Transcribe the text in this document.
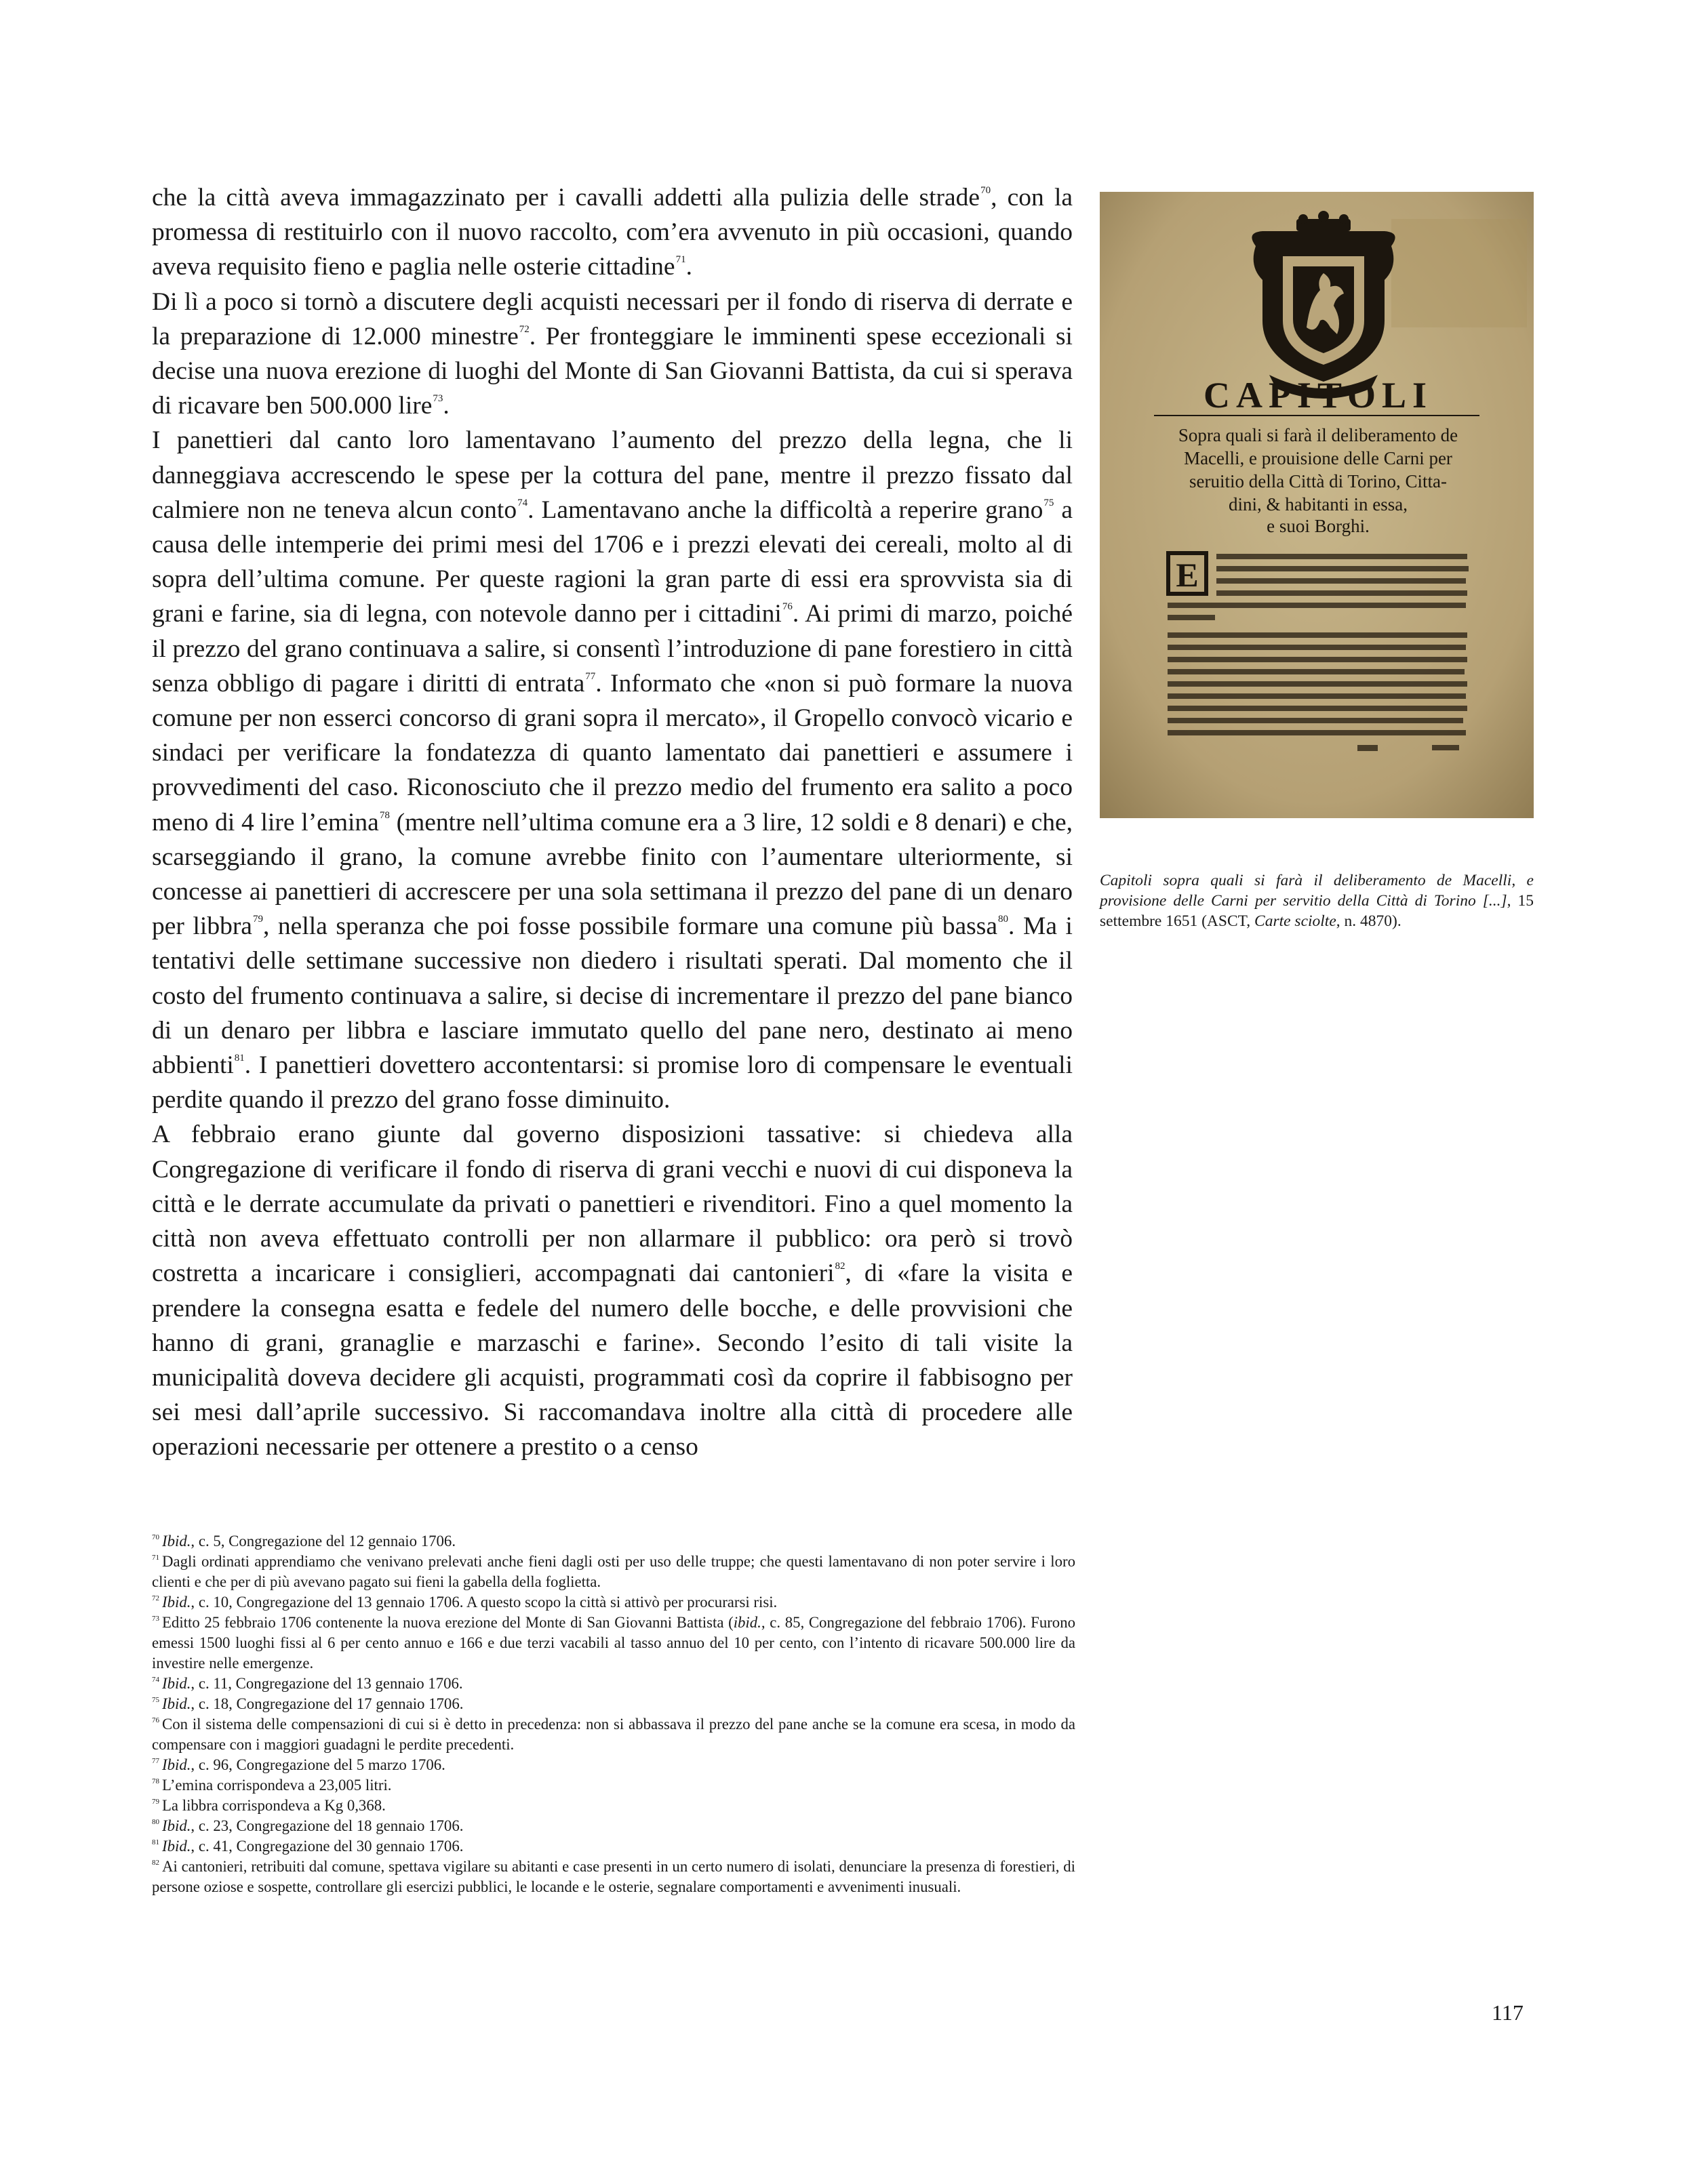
che la città aveva immagazzinato per i cavalli addetti alla pulizia delle strade$^{70}$, con la promessa di restituirlo con il nuovo raccolto, com’era avvenuto in più occasioni, quando aveva requisito fieno e paglia nelle osterie cittadine$^{71}$.

Di lì a poco si tornò a discutere degli acquisti necessari per il fondo di riserva di derrate e la preparazione di 12.000 minestre$^{72}$. Per fronteggiare le imminenti spese eccezionali si decise una nuova erezione di luoghi del Monte di San Giovanni Battista, da cui si sperava di ricavare ben 500.000 lire$^{73}$.

I panettieri dal canto loro lamentavano l’aumento del prezzo della legna, che li danneggiava accrescendo le spese per la cottura del pane, mentre il prezzo fissato dal calmiere non ne teneva alcun conto$^{74}$. Lamentavano anche la difficoltà a reperire grano$^{75}$ a causa delle intemperie dei primi mesi del 1706 e i prezzi elevati dei cereali, molto al di sopra dell’ultima comune. Per queste ragioni la gran parte di essi era sprovvista sia di grani e farine, sia di legna, con notevole danno per i cittadini$^{76}$. Ai primi di marzo, poiché il prezzo del grano continuava a salire, si consentì l’introduzione di pane forestiero in città senza obbligo di pagare i diritti di entrata$^{77}$. Informato che «non si può formare la nuova comune per non esserci concorso di grani sopra il mercato», il Gropello convocò vicario e sindaci per verificare la fondatezza di quanto lamentato dai panettieri e assumere i provvedimenti del caso. Riconosciuto che il prezzo medio del frumento era salito a poco meno di 4 lire l’emina$^{78}$ (mentre nell’ultima comune era a 3 lire, 12 soldi e 8 denari) e che, scarseggiando il grano, la comune avrebbe finito con l’aumentare ulteriormente, si concesse ai panettieri di accrescere per una sola settimana il prezzo del pane di un denaro per libbra$^{79}$, nella speranza che poi fosse possibile formare una comune più bassa$^{80}$. Ma i tentativi delle settimane successive non diedero i risultati sperati. Dal momento che il costo del frumento continuava a salire, si decise di incrementare il prezzo del pane bianco di un denaro per libbra e lasciare immutato quello del pane nero, destinato ai meno abbienti$^{81}$. I panettieri dovettero accontentarsi: si promise loro di compensare le eventuali perdite quando il prezzo del grano fosse diminuito.

A febbraio erano giunte dal governo disposizioni tassative: si chiedeva alla Congregazione di verificare il fondo di riserva di grani vecchi e nuovi di cui disponeva la città e le derrate accumulate da privati o panettieri e rivenditori. Fino a quel momento la città non aveva effettuato controlli per non allarmare il pubblico: ora però si trovò costretta a incaricare i consiglieri, accompagnati dai cantonieri$^{82}$, di «fare la visita e prendere la consegna esatta e fedele del numero delle bocche, e delle provvisioni che hanno di grani, granaglie e marzaschi e farine». Secondo l’esito di tali visite la municipalità doveva decidere gli acquisti, programmati così da coprire il fabbisogno per sei mesi dall’aprile successivo. Si raccomandava inoltre alla città di procedere alle operazioni necessarie per ottenere a prestito o a censo

CAPITOLI
Sopra quali si farà il deliberamento de
Macelli, e prouisione delle Carni per
seruitio della Città di Torino, Citta-
dini, & habitanti in essa,
e suoi Borghi.
E
Capitoli sopra quali si farà il deliberamento de Macelli, e provisione delle Carni per servitio della Città di Torino [...], 15 settembre 1651 (ASCT, Carte sciolte, n. 4870).

$^{70}$ Ibid., c. 5, Congregazione del 12 gennaio 1706.

$^{71}$ Dagli ordinati apprendiamo che venivano prelevati anche fieni dagli osti per uso delle truppe; che questi lamentavano di non poter servire i loro clienti e che per di più avevano pagato sui fieni la gabella della foglietta.

$^{72}$ Ibid., c. 10, Congregazione del 13 gennaio 1706. A questo scopo la città si attivò per procurarsi risi.

$^{73}$ Editto 25 febbraio 1706 contenente la nuova erezione del Monte di San Giovanni Battista (ibid., c. 85, Congregazione del febbraio 1706). Furono emessi 1500 luoghi fissi al 6 per cento annuo e 166 e due terzi vacabili al tasso annuo del 10 per cento, con l’intento di ricavare 500.000 lire da investire nelle emergenze.

$^{74}$ Ibid., c. 11, Congregazione del 13 gennaio 1706.

$^{75}$ Ibid., c. 18, Congregazione del 17 gennaio 1706.

$^{76}$ Con il sistema delle compensazioni di cui si è detto in precedenza: non si abbassava il prezzo del pane anche se la comune era scesa, in modo da compensare con i maggiori guadagni le perdite precedenti.

$^{77}$ Ibid., c. 96, Congregazione del 5 marzo 1706.

$^{78}$ L’emina corrispondeva a 23,005 litri.

$^{79}$ La libbra corrispondeva a Kg 0,368.

$^{80}$ Ibid., c. 23, Congregazione del 18 gennaio 1706.

$^{81}$ Ibid., c. 41, Congregazione del 30 gennaio 1706.

$^{82}$ Ai cantonieri, retribuiti dal comune, spettava vigilare su abitanti e case presenti in un certo numero di isolati, denunciare la presenza di forestieri, di persone oziose e sospette, controllare gli esercizi pubblici, le locande e le osterie, segnalare comportamenti e avvenimenti inusuali.

117
